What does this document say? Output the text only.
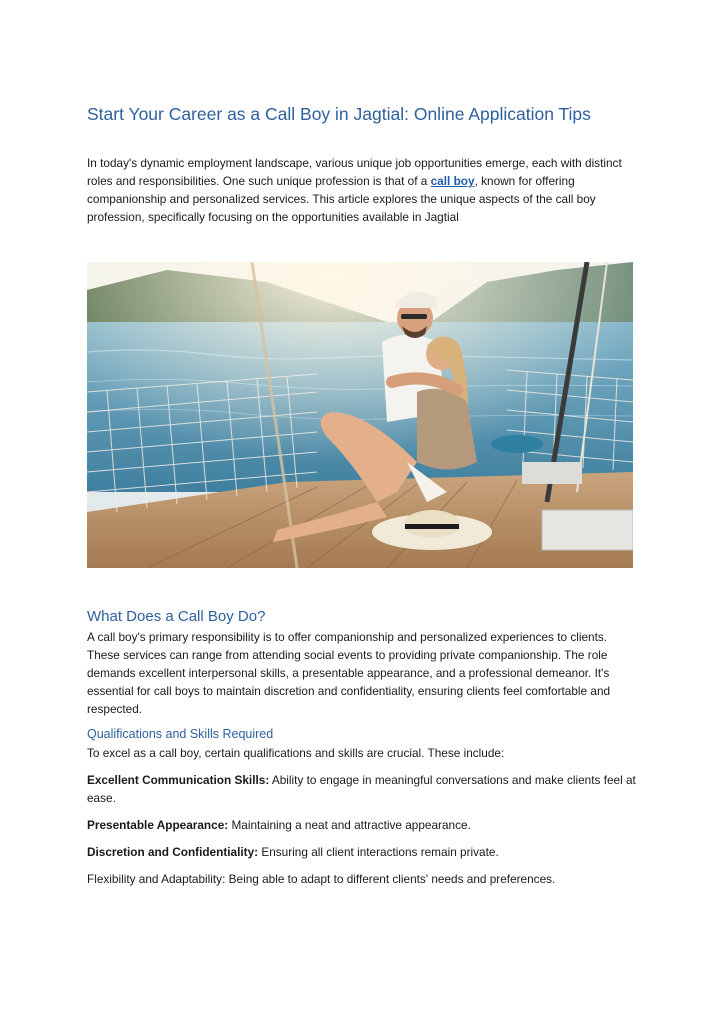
Start Your Career as a Call Boy in Jagtial: Online Application Tips

In today's dynamic employment landscape, various unique job opportunities emerge, each with distinct roles and responsibilities. One such unique profession is that of a call boy, known for offering companionship and personalized services. This article explores the unique aspects of the call boy profession, specifically focusing on the opportunities available in Jagtial

What Does a Call Boy Do?

A call boy's primary responsibility is to offer companionship and personalized experiences to clients. These services can range from attending social events to providing private companionship. The role demands excellent interpersonal skills, a presentable appearance, and a professional demeanor. It's essential for call boys to maintain discretion and confidentiality, ensuring clients feel comfortable and respected.

Qualifications and Skills Required

To excel as a call boy, certain qualifications and skills are crucial. These include:

Excellent Communication Skills: Ability to engage in meaningful conversations and make clients feel at ease.

Presentable Appearance: Maintaining a neat and attractive appearance.

Discretion and Confidentiality: Ensuring all client interactions remain private.

Flexibility and Adaptability: Being able to adapt to different clients' needs and preferences.
